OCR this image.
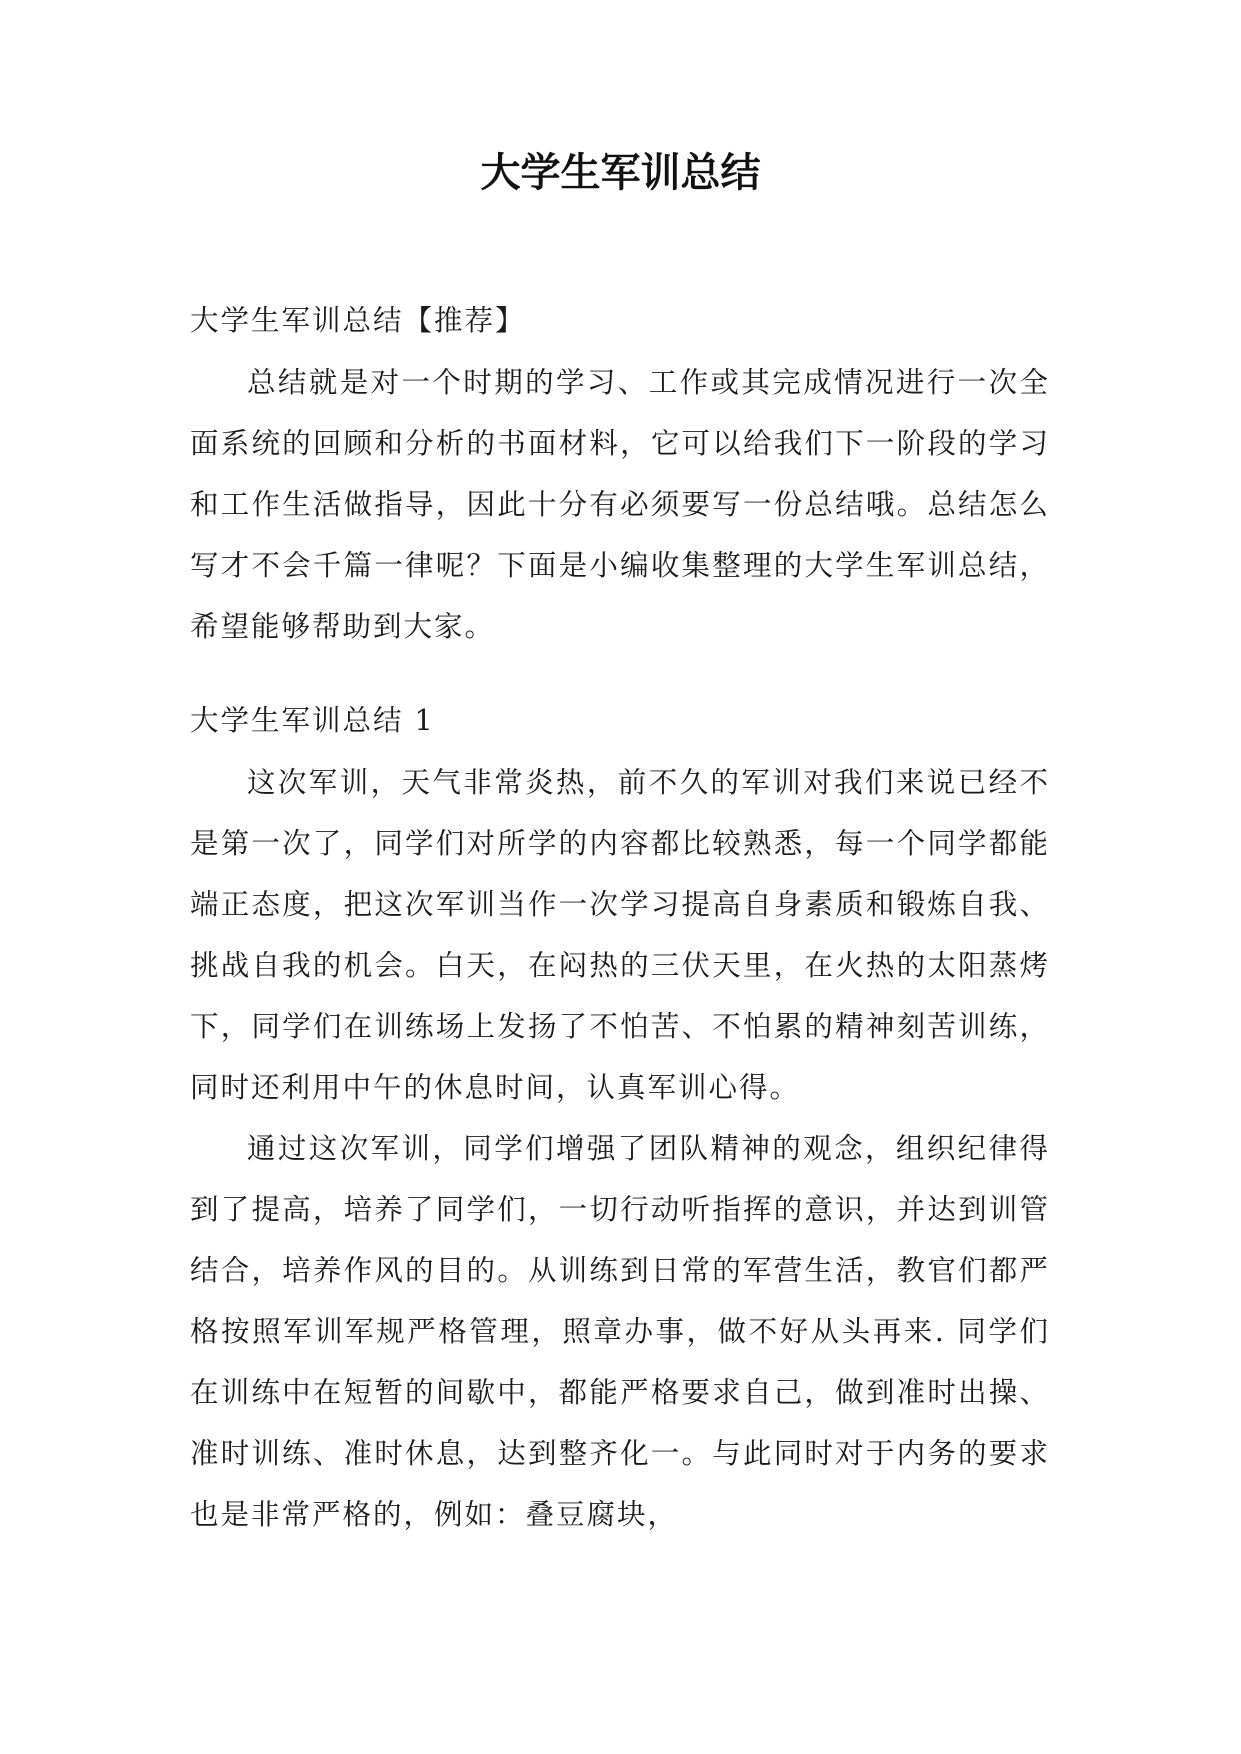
大学生军训总结

大学生军训总结【推荐】

总结就是对一个时期的学习、工作或其完成情况进行一次全面系统的回顾和分析的书面材料，它可以给我们下一阶段的学习和工作生活做指导，因此十分有必须要写一份总结哦。总结怎么写才不会千篇一律呢？下面是小编收集整理的大学生军训总结，希望能够帮助到大家。

大学生军训总结 1

这次军训，天气非常炎热，前不久的军训对我们来说已经不是第一次了，同学们对所学的内容都比较熟悉，每一个同学都能端正态度，把这次军训当作一次学习提高自身素质和锻炼自我、挑战自我的机会。白天，在闷热的三伏天里，在火热的太阳蒸烤下，同学们在训练场上发扬了不怕苦、不怕累的精神刻苦训练，同时还利用中午的休息时间，认真军训心得。

通过这次军训，同学们增强了团队精神的观念，组织纪律得到了提高，培养了同学们，一切行动听指挥的意识，并达到训管结合，培养作风的目的。从训练到日常的军营生活，教官们都严格按照军训军规严格管理，照章办事，做不好从头再来. 同学们在训练中在短暂的间歇中，都能严格要求自己，做到准时出操、准时训练、准时休息，达到整齐化一。与此同时对于内务的要求也是非常严格的，例如：叠豆腐块，
